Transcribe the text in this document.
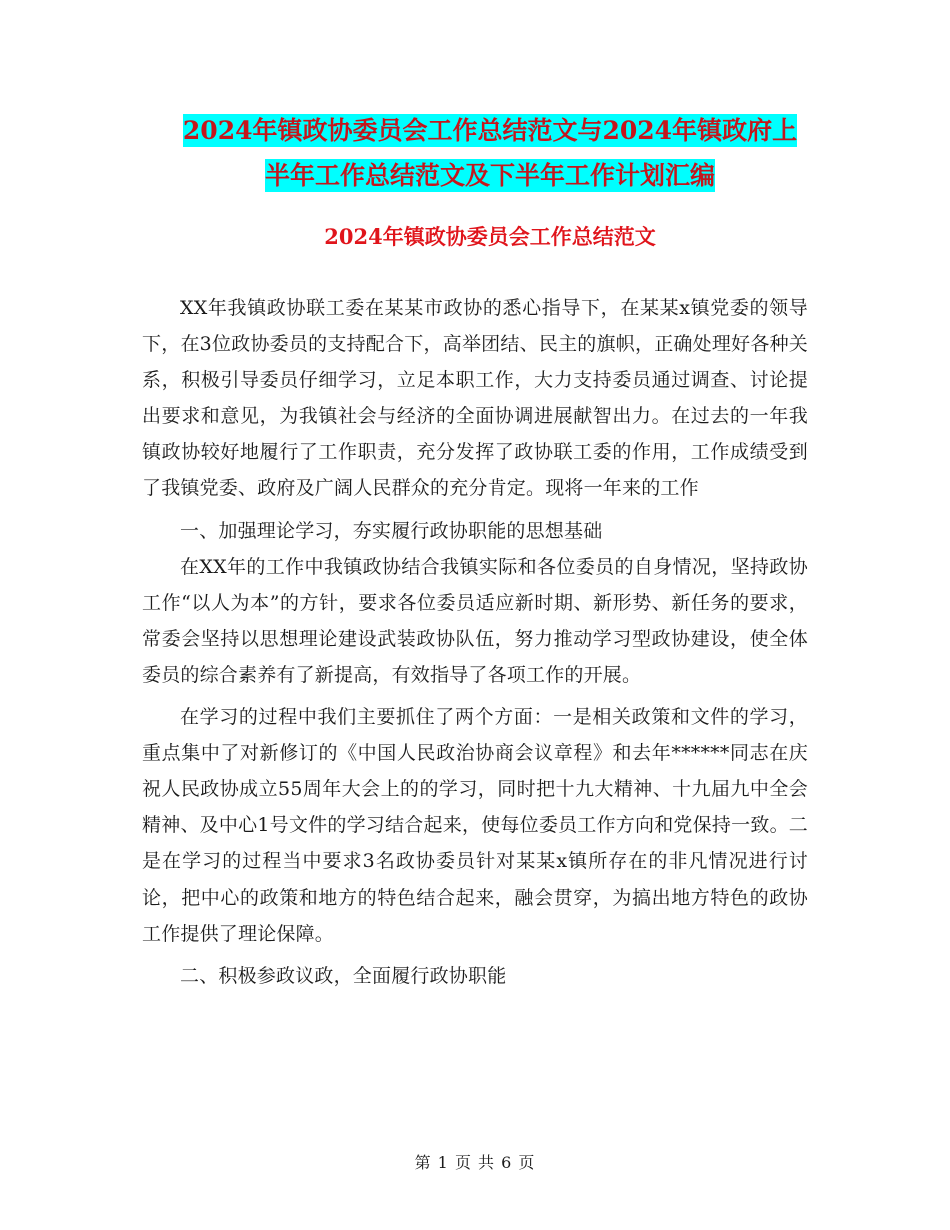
2024年镇政协委员会工作总结范文与2024年镇政府上
半年工作总结范文及下半年工作计划汇编
2024年镇政协委员会工作总结范文

XX年我镇政协联工委在某某市政协的悉心指导下，在某某x镇党委的领导下，在3位政协委员的支持配合下，高举团结、民主的旗帜，正确处理好各种关系，积极引导委员仔细学习，立足本职工作，大力支持委员通过调查、讨论提出要求和意见，为我镇社会与经济的全面协调进展献智出力。在过去的一年我镇政协较好地履行了工作职责，充分发挥了政协联工委的作用，工作成绩受到了我镇党委、政府及广阔人民群众的充分肯定。现将一年来的工作

一、加强理论学习，夯实履行政协职能的思想基础

在XX年的工作中我镇政协结合我镇实际和各位委员的自身情况，坚持政协工作“以人为本”的方针，要求各位委员适应新时期、新形势、新任务的要求，常委会坚持以思想理论建设武装政协队伍，努力推动学习型政协建设，使全体委员的综合素养有了新提高，有效指导了各项工作的开展。

在学习的过程中我们主要抓住了两个方面：一是相关政策和文件的学习，重点集中了对新修订的《中国人民政治协商会议章程》和去年******同志在庆祝人民政协成立55周年大会上的的学习，同时把十九大精神、十九届九中全会精神、及中心1号文件的学习结合起来，使每位委员工作方向和党保持一致。二是在学习的过程当中要求3名政协委员针对某某x镇所存在的非凡情况进行讨论，把中心的政策和地方的特色结合起来，融会贯穿，为搞出地方特色的政协工作提供了理论保障。

二、积极参政议政，全面履行政协职能

第 1 页 共 6 页
